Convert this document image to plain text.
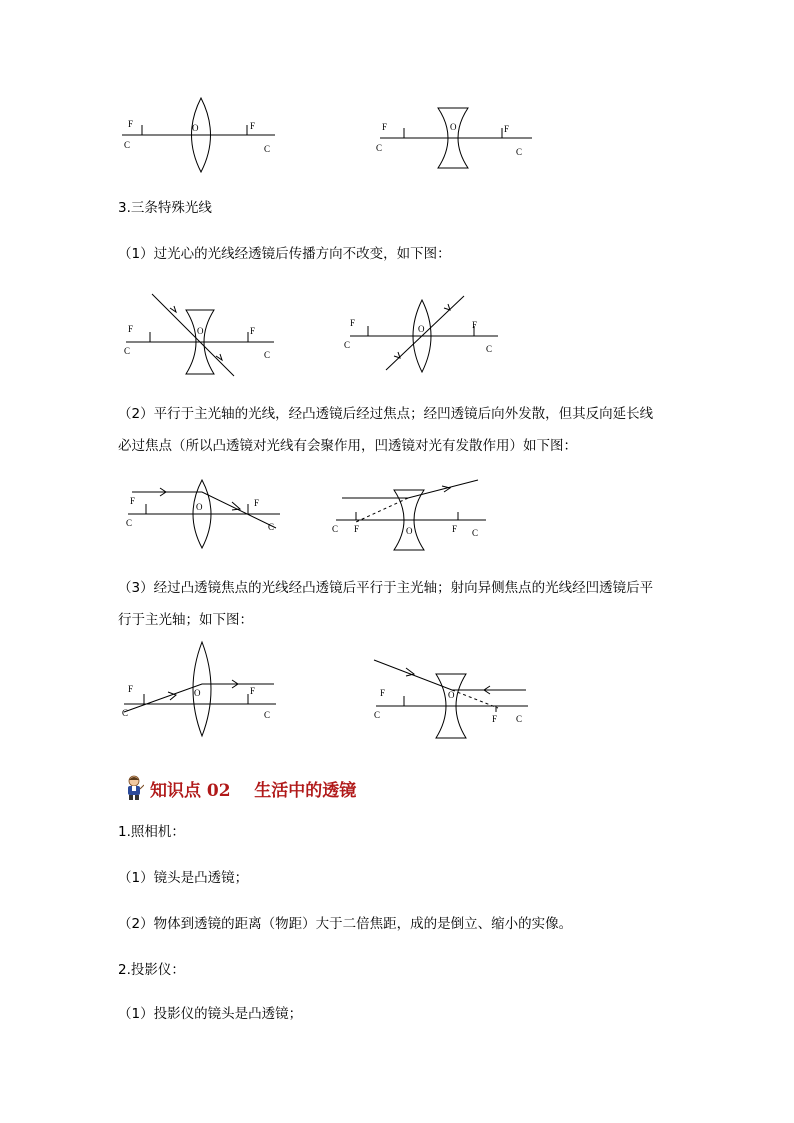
F	F
C	C
O	F	F
C	C
O

3.三条特殊光线

（1）过光心的光线经透镜后传播方向不改变，如下图：

F	F
C	C
O
F	F
C	C
O

（2）平行于主光轴的光线，经凸透镜后经过焦点；经凹透镜后向外发散，但其反向延长线

必过焦点（所以凸透镜对光线有会聚作用，凹透镜对光有发散作用）如下图：

F	F
C	C
O
C F	F C
O

（3）经过凸透镜焦点的光线经凸透镜后平行于主光轴；射向异侧焦点的光线经凹透镜后平

行于主光轴；如下图：

F	F
C	C
O	F
F
C	C
O
知识点 02    生活中的透镜

1.照相机：

（1）镜头是凸透镜；

（2）物体到透镜的距离（物距）大于二倍焦距，成的是倒立、缩小的实像。

2.投影仪：

（1）投影仪的镜头是凸透镜；
